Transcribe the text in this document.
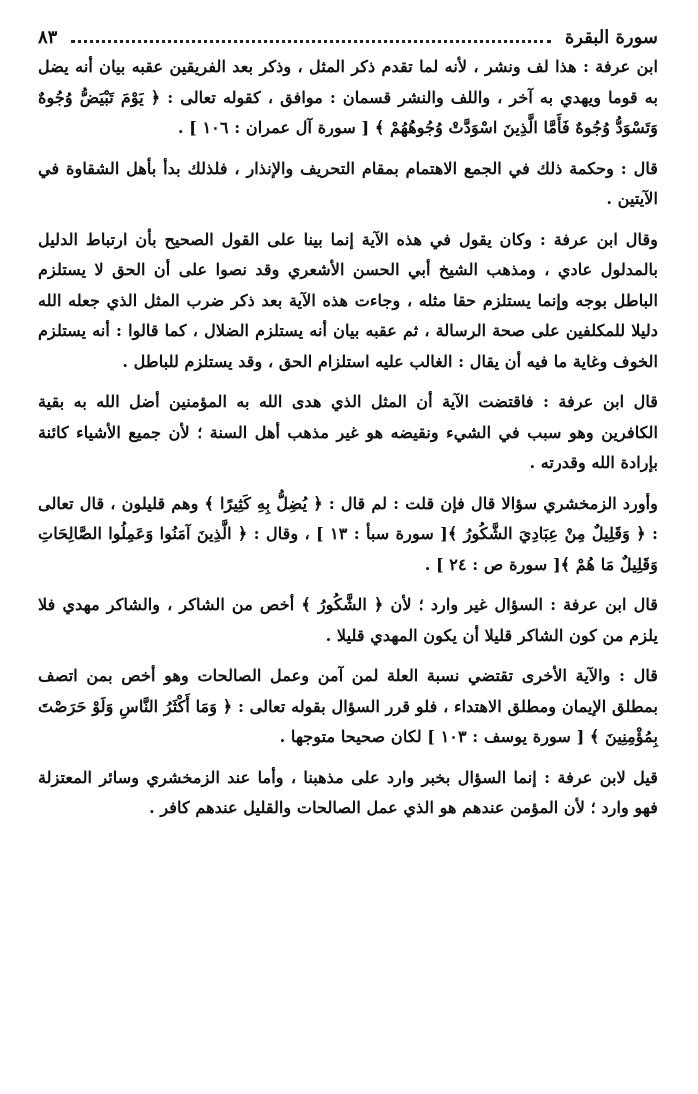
سورة البقرة
٨٣

ابن عرفة : هذا لف ونشر ، لأنه لما تقدم ذكر المثل ، وذكر بعد الفريقين عقبه بيان أنه يضل به قوما ويهدي به آخر ، واللف والنشر قسمان : موافق ، كقوله تعالى : ﴿ يَوْمَ تَبْيَضُّ وُجُوهٌ وَتَسْوَدُّ وُجُوهٌ فَأَمَّا الَّذِينَ اسْوَدَّتْ وُجُوهُهُمْ ﴾ [ سورة آل عمران : ١٠٦ ] .

قال : وحكمة ذلك في الجمع الاهتمام بمقام التحريف والإنذار ، فلذلك بدأ بأهل الشقاوة في الآيتين .

وقال ابن عرفة : وكان يقول في هذه الآية إنما بينا على القول الصحيح بأن ارتباط الدليل بالمدلول عادي ، ومذهب الشيخ أبي الحسن الأشعري وقد نصوا على أن الحق لا يستلزم الباطل بوجه وإنما يستلزم حقا مثله ، وجاءت هذه الآية بعد ذكر ضرب المثل الذي جعله الله دليلا للمكلفين على صحة الرسالة ، ثم عقبه بيان أنه يستلزم الضلال ، كما قالوا : أنه يستلزم الخوف وغاية ما فيه أن يقال : الغالب عليه استلزام الحق ، وقد يستلزم للباطل .

قال ابن عرفة : فاقتضت الآية أن المثل الذي هدى الله به المؤمنين أضل الله به بقية الكافرين وهو سبب في الشيء ونقيضه هو غير مذهب أهل السنة ؛ لأن جميع الأشياء كائنة بإرادة الله وقدرته .

وأورد الزمخشري سؤالا قال فإن قلت : لم قال : ﴿ يُضِلُّ بِهِ كَثِيرًا ﴾ وهم قليلون ، قال تعالى : ﴿ وَقَلِيلٌ مِنْ عِبَادِيَ الشَّكُورُ ﴾[ سورة سبأ : ١٣ ] ، وقال : ﴿ الَّذِينَ آمَنُوا وَعَمِلُوا الصَّالِحَاتِ وَقَلِيلٌ مَا هُمْ ﴾[ سورة ص : ٢٤ ] .

قال ابن عرفة : السؤال غير وارد ؛ لأن ﴿ الشَّكُورُ ﴾ أخص من الشاكر ، والشاكر مهدي فلا يلزم من كون الشاكر قليلا أن يكون المهدي قليلا .

قال : والآية الأخرى تقتضي نسبة العلة لمن آمن وعمل الصالحات وهو أخص بمن اتصف بمطلق الإيمان ومطلق الاهتداء ، فلو قرر السؤال بقوله تعالى : ﴿ وَمَا أَكْثَرُ النَّاسِ وَلَوْ حَرَصْتَ بِمُؤْمِنِينَ ﴾ [ سورة يوسف : ١٠٣ ] لكان صحيحا متوجها .

قيل لابن عرفة : إنما السؤال بخبر وارد على مذهبنا ، وأما عند الزمخشري وسائر المعتزلة فهو وارد ؛ لأن المؤمن عندهم هو الذي عمل الصالحات والقليل عندهم كافر .
